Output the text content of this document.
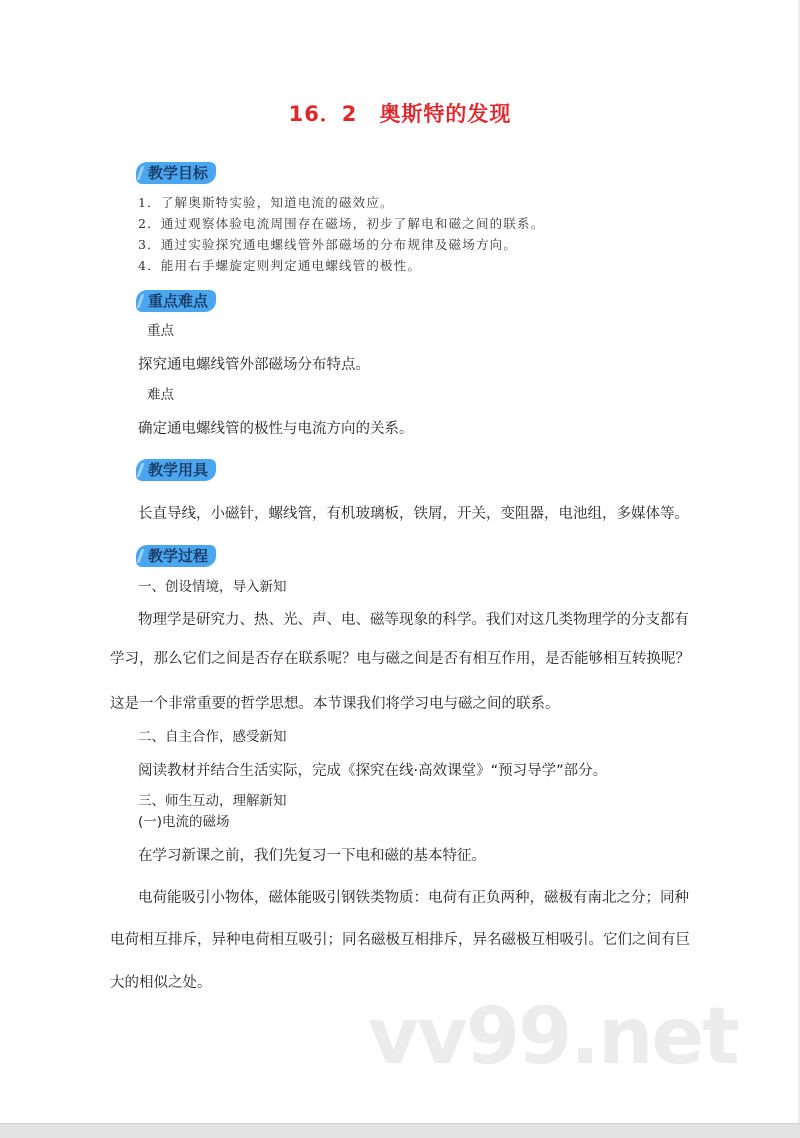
16．2　奥斯特的发现
教学目标
1．了解奥斯特实验，知道电流的磁效应。
2．通过观察体验电流周围存在磁场，初步了解电和磁之间的联系。
3．通过实验探究通电螺线管外部磁场的分布规律及磁场方向。
4．能用右手螺旋定则判定通电螺线管的极性。
重点难点
重点
探究通电螺线管外部磁场分布特点。
难点
确定通电螺线管的极性与电流方向的关系。
教学用具
长直导线，小磁针，螺线管，有机玻璃板，铁屑，开关，变阻器，电池组，多媒体等。
教学过程
一、创设情境，导入新知
物理学是研究力、热、光、声、电、磁等现象的科学。我们对这几类物理学的分支都有
学习，那么它们之间是否存在联系呢？电与磁之间是否有相互作用，是否能够相互转换呢？
这是一个非常重要的哲学思想。本节课我们将学习电与磁之间的联系。
二、自主合作，感受新知
阅读教材并结合生活实际，完成《探究在线·高效课堂》“预习导学”部分。
三、师生互动，理解新知
(一)电流的磁场
在学习新课之前，我们先复习一下电和磁的基本特征。
电荷能吸引小物体，磁体能吸引钢铁类物质：电荷有正负两种，磁极有南北之分；同种
电荷相互排斥，异种电荷相互吸引；同名磁极互相排斥，异名磁极互相吸引。它们之间有巨
大的相似之处。
vv99.net
